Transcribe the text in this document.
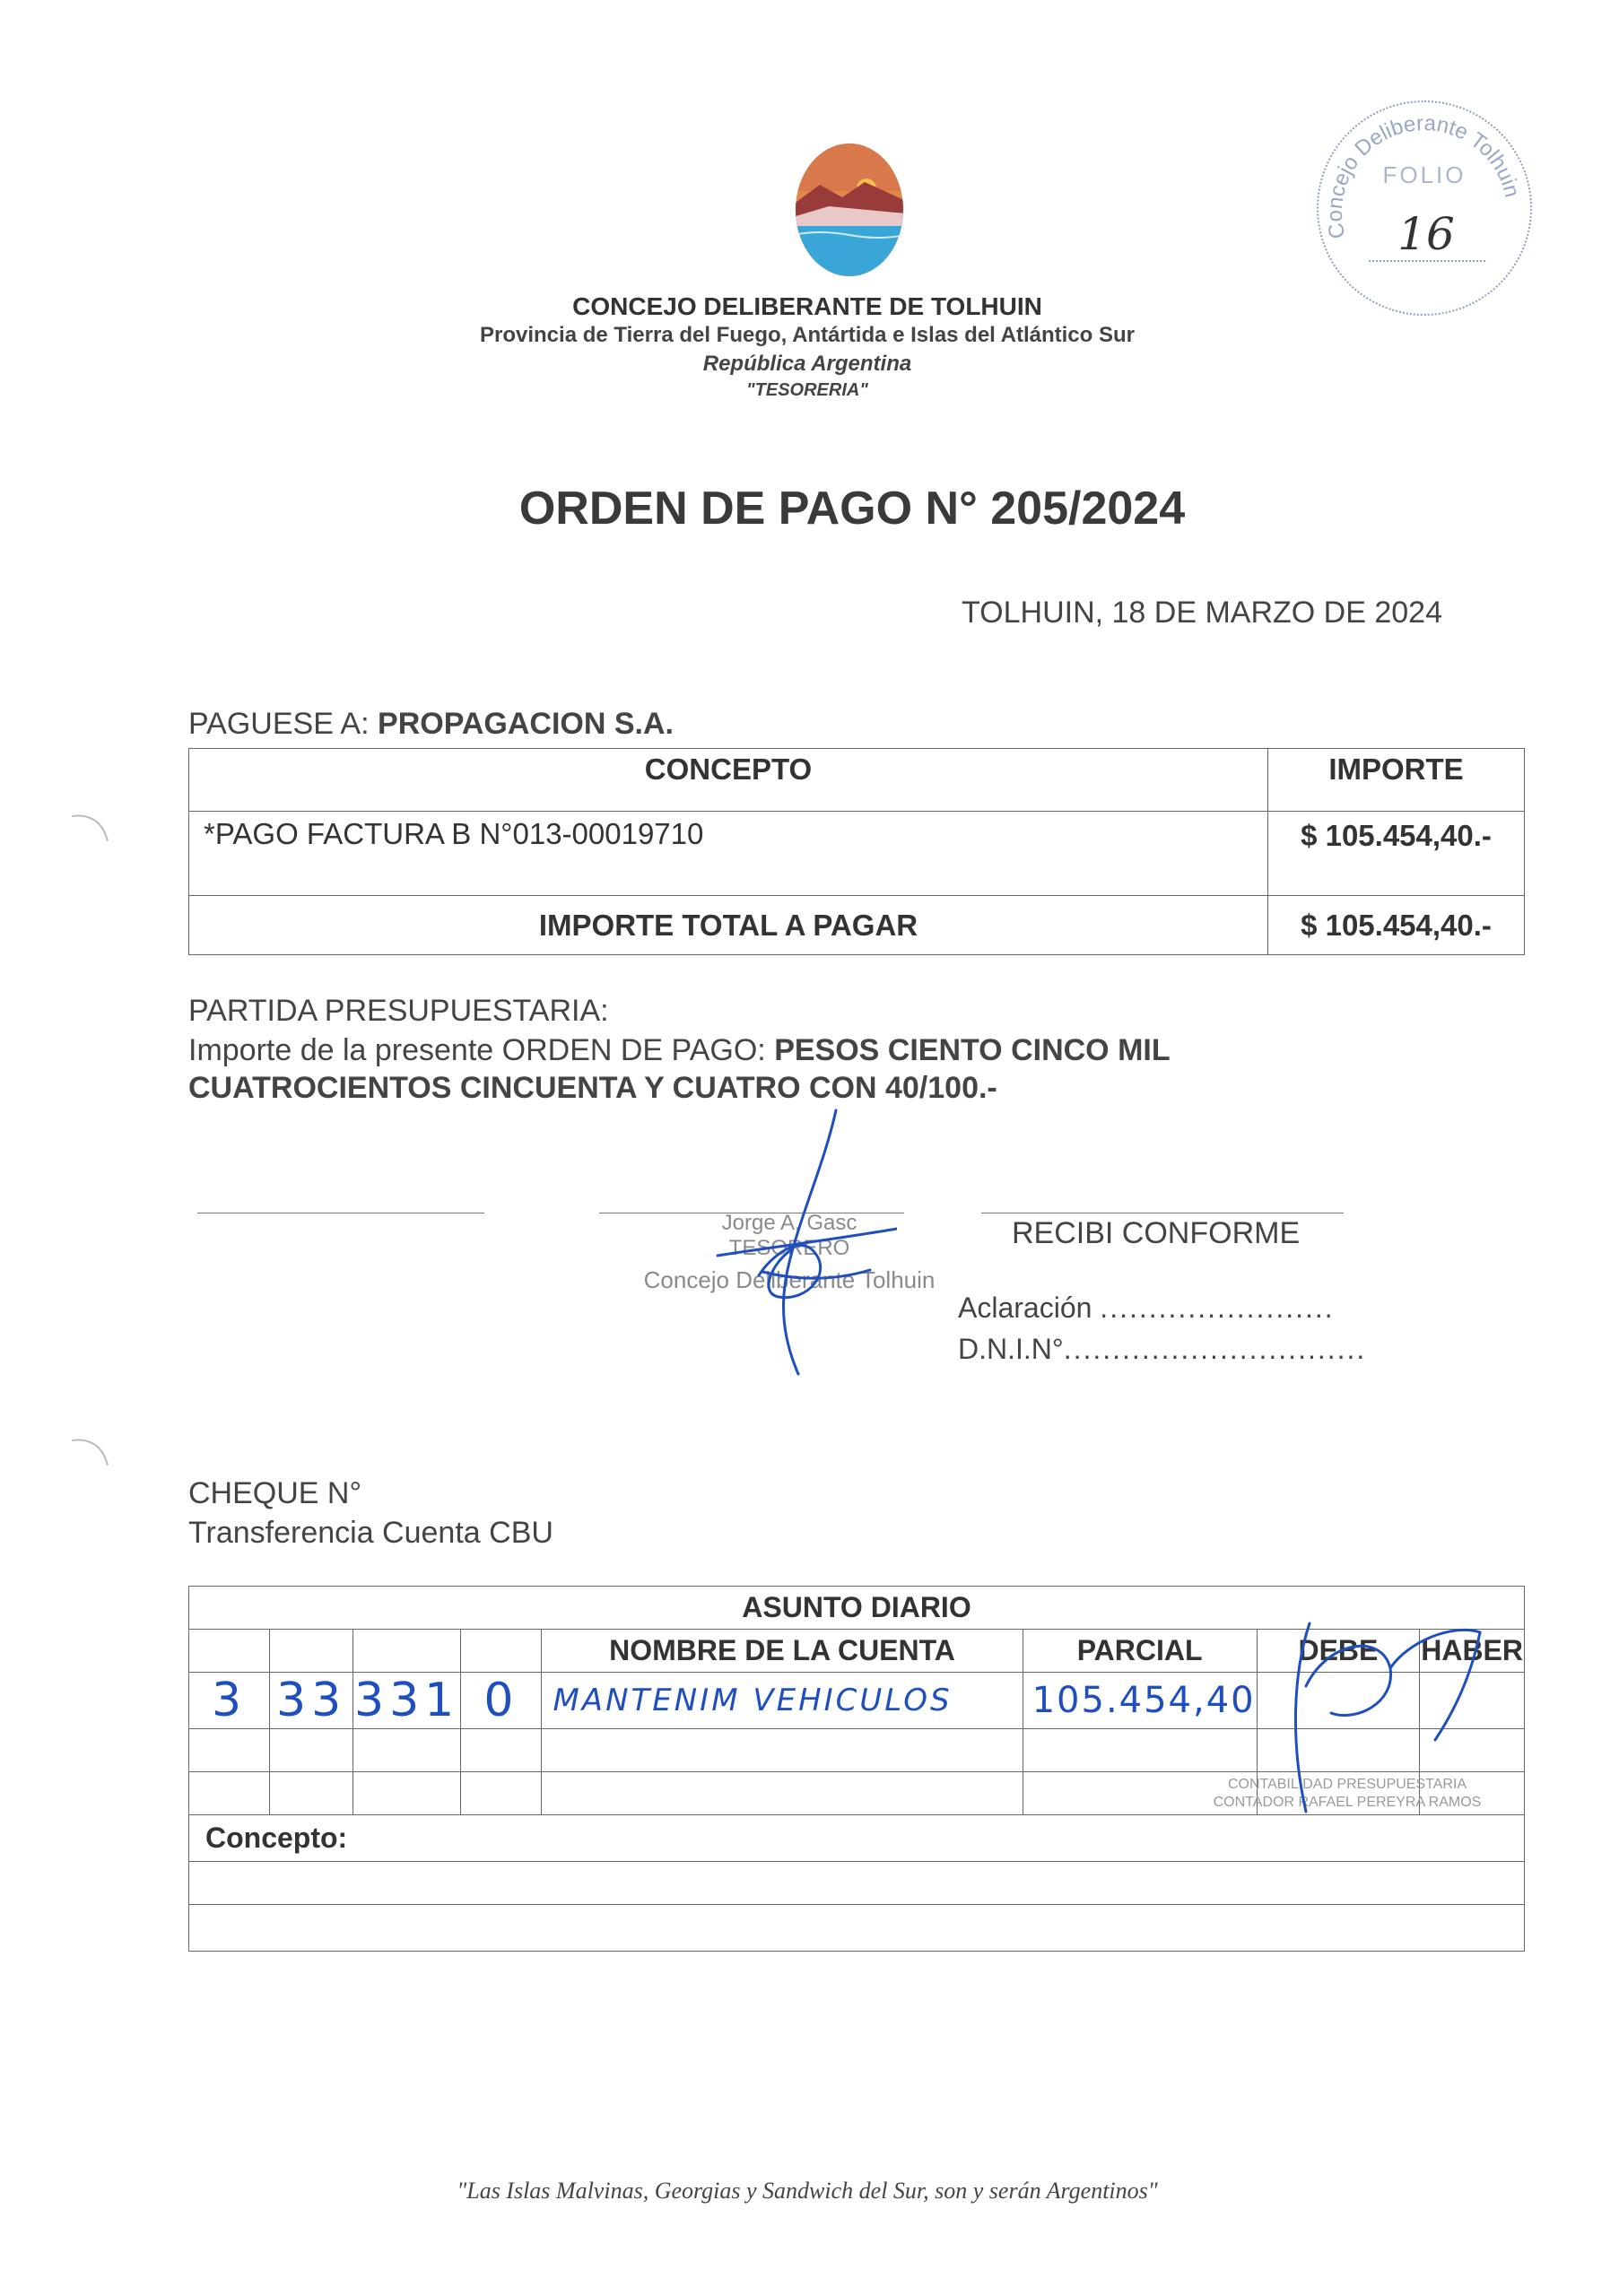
CONCEJO DELIBERANTE DE TOLHUIN
Provincia de Tierra del Fuego, Antártida e Islas del Atlántico Sur
República Argentina
"TESORERIA"
Concejo Deliberante Tolhuin
FOLIO
16
ORDEN DE PAGO N° 205/2024
TOLHUIN, 18 DE MARZO DE 2024
PAGUESE A: PROPAGACION S.A.
CONCEPTO	IMPORTE
*PAGO FACTURA B N°013-00019710	$ 105.454,40.-
IMPORTE TOTAL A PAGAR	$ 105.454,40.-
PARTIDA PRESUPUESTARIA:
Importe de la presente ORDEN DE PAGO: PESOS CIENTO CINCO MIL
CUATROCIENTOS CINCUENTA Y CUATRO CON 40/100.-
Jorge A. Gasc
TESORERO
Concejo Deliberante Tolhuin
RECIBI CONFORME
Aclaración ........................
D.N.I.N°...............................
CHEQUE N°
Transferencia Cuenta CBU
ASUNTO DIARIO							
				NOMBRE DE LA CUENTA	PARCIAL	DEBE	HABER
3	33	331	0	MANTENIM VEHICULOS	105.454,40		

Concepto:							

CONTABILIDAD PRESUPUESTARIA
CONTADOR RAFAEL PEREYRA RAMOS
"Las Islas Malvinas, Georgias y Sandwich del Sur, son y serán Argentinos"
